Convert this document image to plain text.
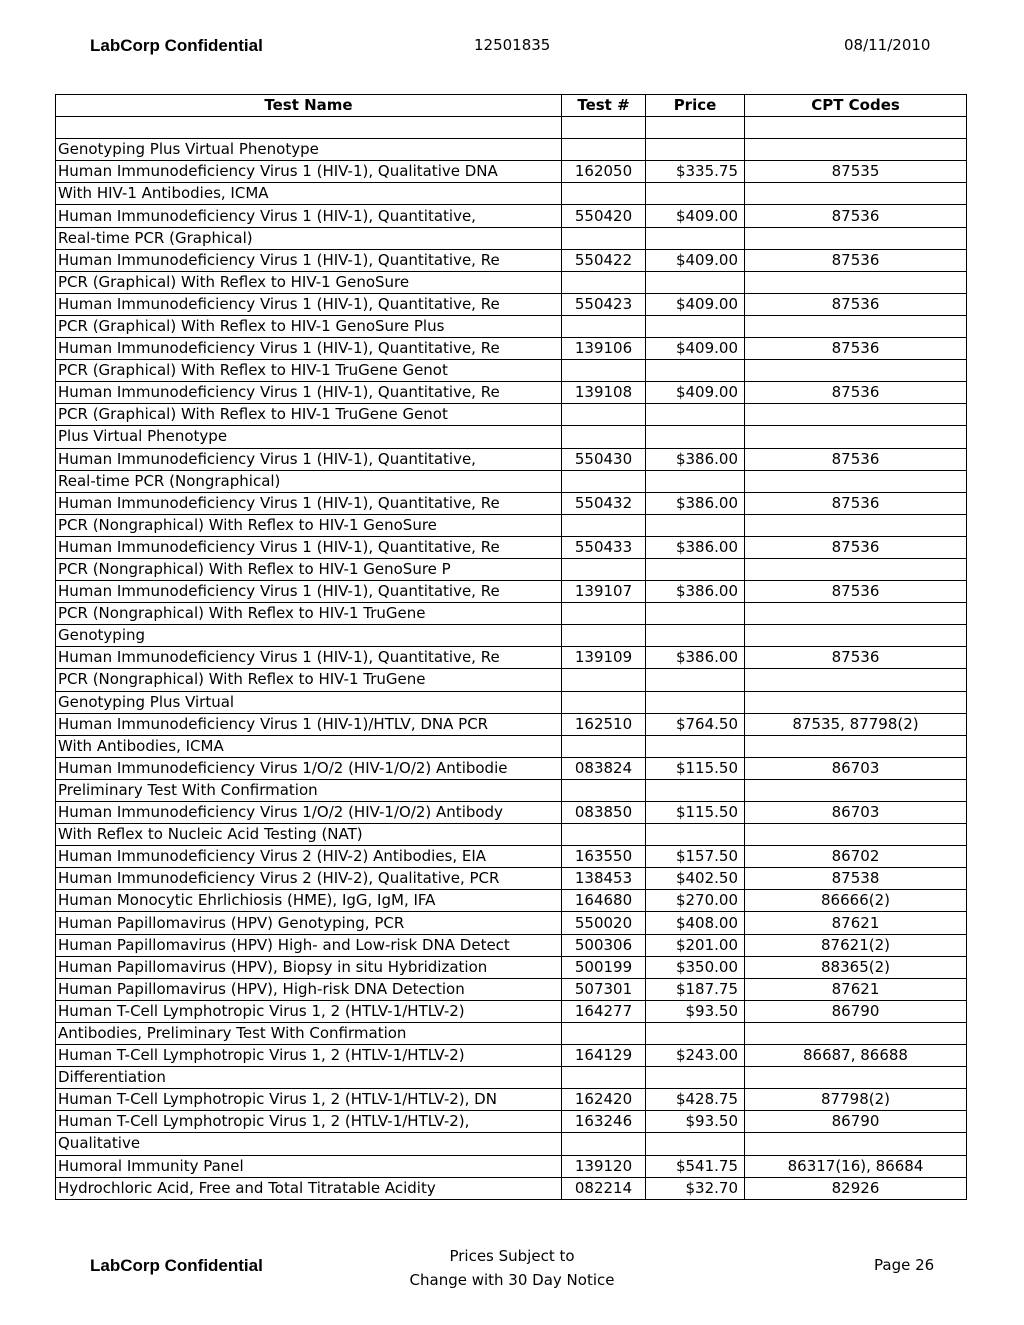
LabCorp Confidential	12501835	08/11/2010
Test Name	Test #	Price	CPT Codes

Genotyping Plus Virtual Phenotype			
Human Immunodeficiency Virus 1 (HIV-1), Qualitative DNA	162050	$335.75	87535
With HIV-1 Antibodies, ICMA			
Human Immunodeficiency Virus 1 (HIV-1), Quantitative,	550420	$409.00	87536
Real-time PCR (Graphical)			
Human Immunodeficiency Virus 1 (HIV-1), Quantitative, Re	550422	$409.00	87536
PCR (Graphical) With Reflex to HIV-1 GenoSure			
Human Immunodeficiency Virus 1 (HIV-1), Quantitative, Re	550423	$409.00	87536
PCR (Graphical) With Reflex to HIV-1 GenoSure Plus			
Human Immunodeficiency Virus 1 (HIV-1), Quantitative, Re	139106	$409.00	87536
PCR (Graphical) With Reflex to HIV-1 TruGene Genot			
Human Immunodeficiency Virus 1 (HIV-1), Quantitative, Re	139108	$409.00	87536
PCR (Graphical) With Reflex to HIV-1 TruGene Genot			
Plus Virtual Phenotype			
Human Immunodeficiency Virus 1 (HIV-1), Quantitative,	550430	$386.00	87536
Real-time PCR (Nongraphical)			
Human Immunodeficiency Virus 1 (HIV-1), Quantitative, Re	550432	$386.00	87536
PCR (Nongraphical) With Reflex to HIV-1 GenoSure			
Human Immunodeficiency Virus 1 (HIV-1), Quantitative, Re	550433	$386.00	87536
PCR (Nongraphical) With Reflex to HIV-1 GenoSure P			
Human Immunodeficiency Virus 1 (HIV-1), Quantitative, Re	139107	$386.00	87536
PCR (Nongraphical) With Reflex to HIV-1 TruGene			
Genotyping			
Human Immunodeficiency Virus 1 (HIV-1), Quantitative, Re	139109	$386.00	87536
PCR (Nongraphical) With Reflex to HIV-1 TruGene			
Genotyping Plus Virtual			
Human Immunodeficiency Virus 1 (HIV-1)/HTLV, DNA PCR	162510	$764.50	87535, 87798(2)
With Antibodies, ICMA			
Human Immunodeficiency Virus 1/O/2 (HIV-1/O/2) Antibodie	083824	$115.50	86703
Preliminary Test With Confirmation			
Human Immunodeficiency Virus 1/O/2 (HIV-1/O/2) Antibody	083850	$115.50	86703
With Reflex to Nucleic Acid Testing (NAT)			
Human Immunodeficiency Virus 2 (HIV-2) Antibodies, EIA	163550	$157.50	86702
Human Immunodeficiency Virus 2 (HIV-2), Qualitative, PCR	138453	$402.50	87538
Human Monocytic Ehrlichiosis (HME), IgG, IgM, IFA	164680	$270.00	86666(2)
Human Papillomavirus (HPV) Genotyping, PCR	550020	$408.00	87621
Human Papillomavirus (HPV) High- and Low-risk DNA Detect	500306	$201.00	87621(2)
Human Papillomavirus (HPV), Biopsy in situ Hybridization	500199	$350.00	88365(2)
Human Papillomavirus (HPV), High-risk DNA Detection	507301	$187.75	87621
Human T-Cell Lymphotropic Virus 1, 2 (HTLV-1/HTLV-2)	164277	$93.50	86790
Antibodies, Preliminary Test With Confirmation			
Human T-Cell Lymphotropic Virus 1, 2 (HTLV-1/HTLV-2)	164129	$243.00	86687, 86688
Differentiation			
Human T-Cell Lymphotropic Virus 1, 2 (HTLV-1/HTLV-2), DN	162420	$428.75	87798(2)
Human T-Cell Lymphotropic Virus 1, 2 (HTLV-1/HTLV-2),	163246	$93.50	86790
Qualitative			
Humoral Immunity Panel	139120	$541.75	86317(16), 86684
Hydrochloric Acid, Free and Total Titratable Acidity	082214	$32.70	82926
LabCorp Confidential	Prices Subject to
Change with 30 Day Notice
Page 26
